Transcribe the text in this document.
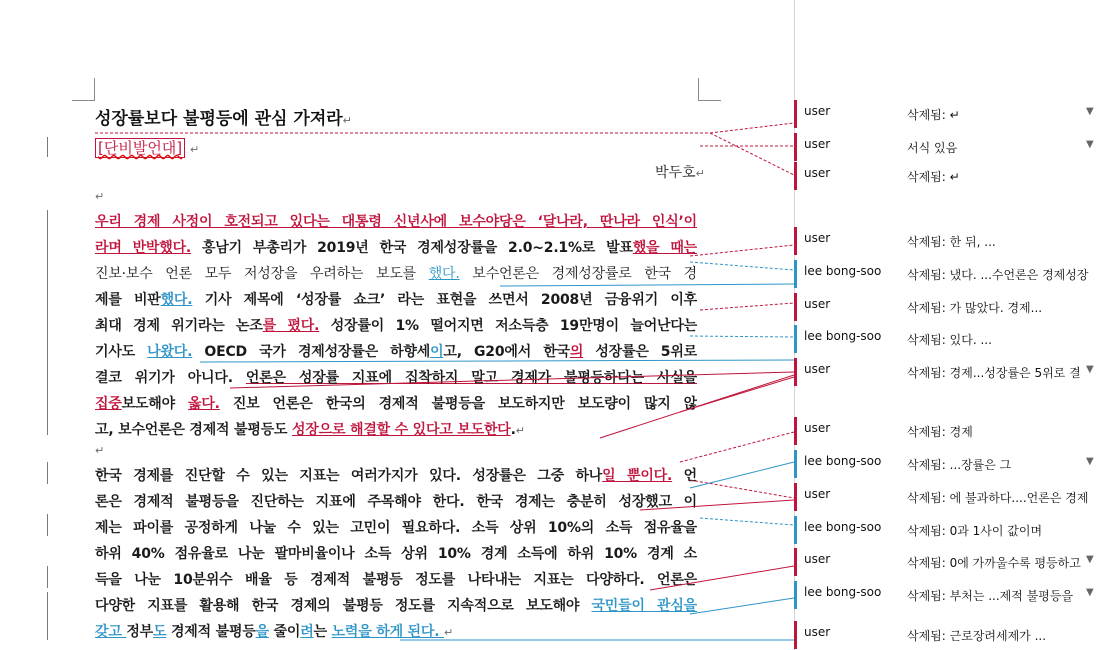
성장률보다 불평등에 관심 가져라↵
[단비발언대] ↵
박두호↵
↵
우리 경제 사정이 호전되고 있다는 대통령 신년사에 보수야당은 ‘달나라, 딴나라 인식’이
라며 반박했다. 홍남기 부총리가 2019년 한국 경제성장률을 2.0~2.1%로 발표했을 때는
진보·보수 언론 모두 저성장을 우려하는 보도를 했다. 보수언론은 경제성장률로 한국 경
제를 비판했다. 기사 제목에 ‘성장률 쇼크’ 라는 표현을 쓰면서 2008년 금융위기 이후
최대 경제 위기라는 논조를 폈다. 성장률이 1% 떨어지면 저소득층 19만명이 늘어난다는
기사도 나왔다. OECD 국가 경제성장률은 하향세이고, G20에서 한국의 성장률은 5위로
결코 위기가 아니다. 언론은 성장률 지표에 집착하지 말고 경제가 불평등하다는 사실을
집중보도해야 옳다. 진보 언론은 한국의 경제적 불평등을 보도하지만 보도량이 많지 않
고, 보수언론은 경제적 불평등도 성장으로 해결할 수 있다고 보도한다.↵
↵
한국 경제를 진단할 수 있는 지표는 여러가지가 있다. 성장률은 그중 하나일 뿐이다. 언
론은 경제적 불평등을 진단하는 지표에 주목해야 한다. 한국 경제는 충분히 성장했고 이
제는 파이를 공정하게 나눌 수 있는 고민이 필요하다. 소득 상위 10%의 소득 점유율을
하위 40% 점유율로 나눈 팔마비율이나 소득 상위 10% 경계 소득에 하위 10% 경계 소
득을 나눈 10분위수 배율 등 경제적 불평등 정도를 나타내는 지표는 다양하다. 언론은
다양한 지표를 활용해 한국 경제의 불평등 정도를 지속적으로 보도해야 국민들이 관심을
갖고 정부도 경제적 불평등을 줄이려는 노력을 하게 된다. ↵
user	삭제됨: ↵	▼
user	서식 있음	▼
user	삭제됨: ↵
user	삭제됨: 한 뒤, ...
lee bong-soo 삭제됨: 냈다. ...수언론은 경제성장
user	삭제됨: 가 많았다. 경제...
lee bong-soo 삭제됨: 있다. ...
user	삭제됨: 경제...성장률은 5위로 결 ▼
user	삭제됨: 경제
lee bong-soo 삭제됨: ...장률은 그	▼
user	삭제됨: 에 불과하다....언론은 경제
lee bong-soo 삭제됨: 0과 1사이 값이며
user	삭제됨: 0에 가까울수록 평등하고 ▼
lee bong-soo 삭제됨: 부처는 ...제적 불평등을	▼
user	삭제됨: 근로장려세제가 ...
